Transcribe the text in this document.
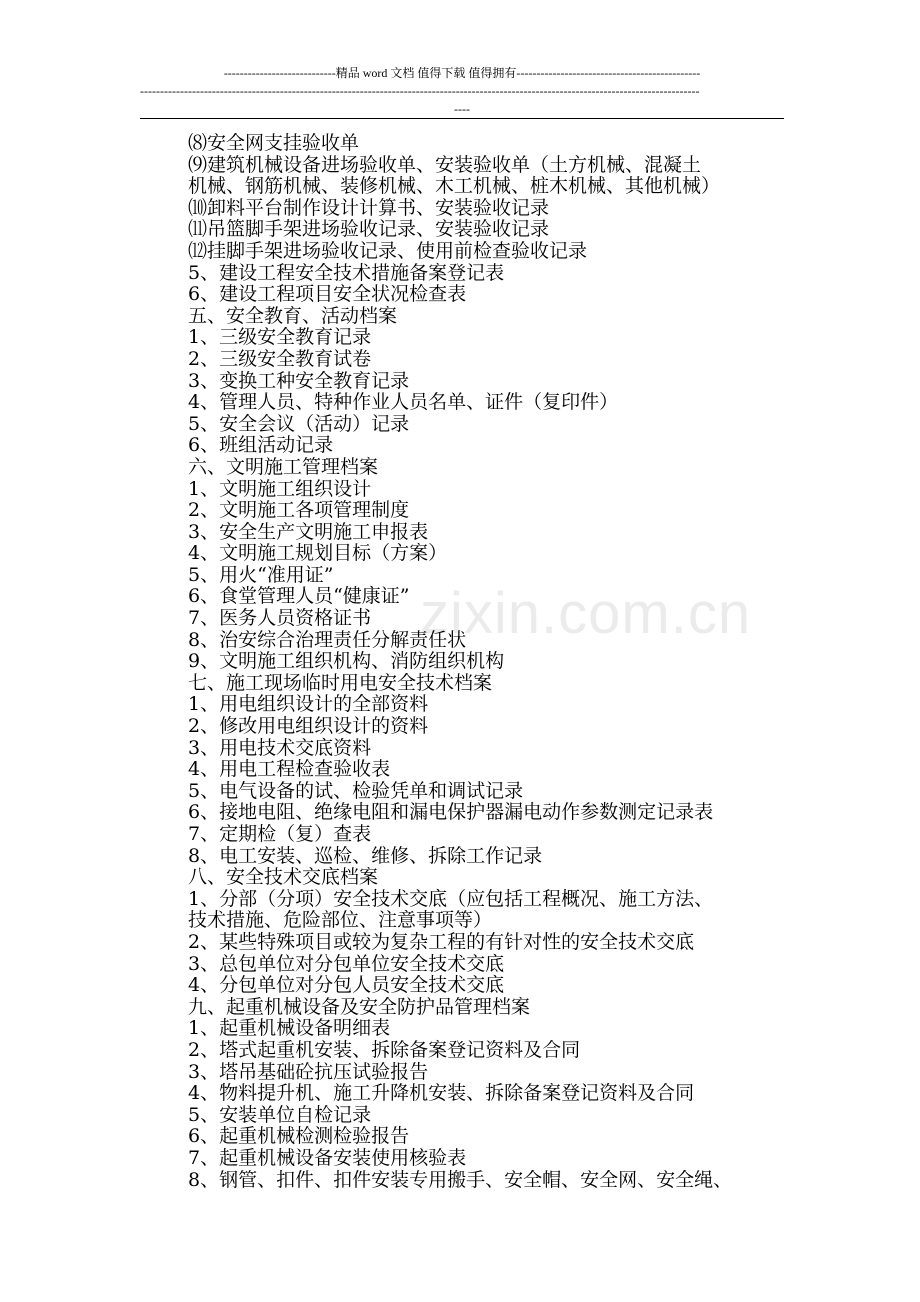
----------------------------精品 word 文档 值得下载 值得拥有----------------------------------------------
--------------------------------------------------------------------------------------------------------------------------------------------
----
zixin.com.cn
⑻安全网支挂验收单
⑼建筑机械设备进场验收单、安装验收单（土方机械、混凝土
机械、钢筋机械、装修机械、木工机械、桩木机械、其他机械）
⑽卸料平台制作设计计算书、安装验收记录
⑾吊篮脚手架进场验收记录、安装验收记录
⑿挂脚手架进场验收记录、使用前检查验收记录
5、建设工程安全技术措施备案登记表
6、建设工程项目安全状况检查表
五、安全教育、活动档案
1、三级安全教育记录
2、三级安全教育试卷
3、变换工种安全教育记录
4、管理人员、特种作业人员名单、证件（复印件）
5、安全会议（活动）记录
6、班组活动记录
六、文明施工管理档案
1、文明施工组织设计
2、文明施工各项管理制度
3、安全生产文明施工申报表
4、文明施工规划目标（方案）
5、用火“准用证”
6、食堂管理人员“健康证”
7、医务人员资格证书
8、治安综合治理责任分解责任状
9、文明施工组织机构、消防组织机构
七、施工现场临时用电安全技术档案
1、用电组织设计的全部资料
2、修改用电组织设计的资料
3、用电技术交底资料
4、用电工程检查验收表
5、电气设备的试、检验凭单和调试记录
6、接地电阻、绝缘电阻和漏电保护器漏电动作参数测定记录表
7、定期检（复）查表
8、电工安装、巡检、维修、拆除工作记录
八、安全技术交底档案
1、分部（分项）安全技术交底（应包括工程概况、施工方法、
技术措施、危险部位、注意事项等）
2、某些特殊项目或较为复杂工程的有针对性的安全技术交底
3、总包单位对分包单位安全技术交底
4、分包单位对分包人员安全技术交底
九、起重机械设备及安全防护品管理档案
1、起重机械设备明细表
2、塔式起重机安装、拆除备案登记资料及合同
3、塔吊基础砼抗压试验报告
4、物料提升机、施工升降机安装、拆除备案登记资料及合同
5、安装单位自检记录
6、起重机械检测检验报告
7、起重机械设备安装使用核验表
8、钢管、扣件、扣件安装专用搬手、安全帽、安全网、安全绳、
